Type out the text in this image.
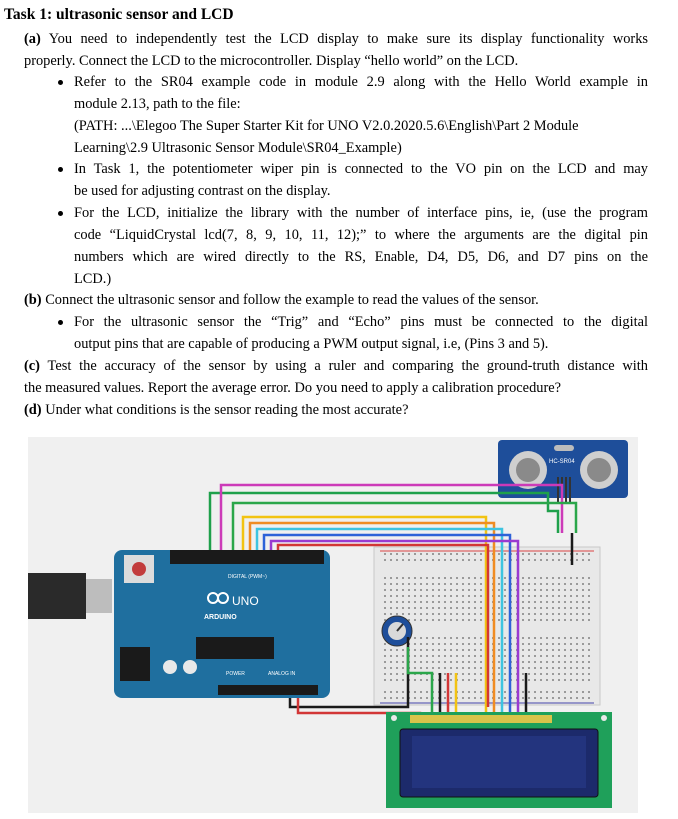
Task 1: ultrasonic sensor and LCD
(a) You need to independently test the LCD display to make sure its display functionality works
properly. Connect the LCD to the microcontroller. Display “hello world” on the LCD.
Refer to the SR04 example code in module 2.9 along with the Hello World example in
module 2.13, path to the file:
(PATH: ...\Elegoo The Super Starter Kit for UNO V2.0.2020.5.6\English\Part 2 Module
Learning\2.9 Ultrasonic Sensor Module\SR04_Example)
In Task 1, the potentiometer wiper pin is connected to the VO pin on the LCD and may
be used for adjusting contrast on the display.
For the LCD, initialize the library with the number of interface pins, ie, (use the program
code “LiquidCrystal lcd(7, 8, 9, 10, 11, 12);” to where the arguments are the digital pin
numbers which are wired directly to the RS, Enable, D4, D5, D6, and D7 pins on the
LCD.)
(b) Connect the ultrasonic sensor and follow the example to read the values of the sensor.
For the ultrasonic sensor the “Trig” and “Echo” pins must be connected to the digital
output pins that are capable of producing a PWM output signal, i.e, (Pins 3 and 5).
(c) Test the accuracy of the sensor by using a ruler and comparing the ground-truth distance with
the measured values. Report the average error. Do you need to apply a calibration procedure?
(d) Under what conditions is the sensor reading the most accurate?
UNO
ARDUINO
DIGITAL (PWM~)
POWER	ANALOG IN
HC-SR04
